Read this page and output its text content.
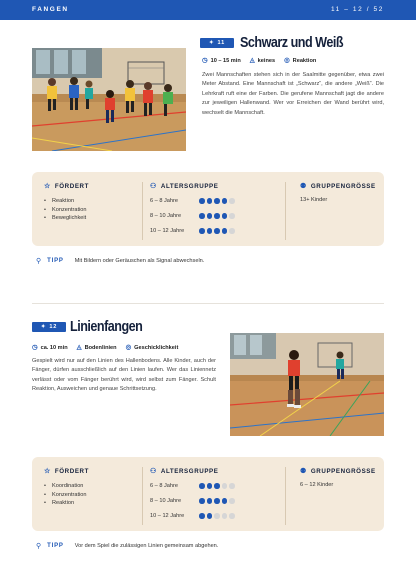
FANGEN	11 – 12 / 52
✦ 11 Schwarz und Weiß
◷ 10 – 15 min ◬ keines ◎ Reaktion
Zwei Mannschaften stehen sich in der Saalmitte gegenüber, etwa zwei Meter Abstand. Eine Mannschaft ist „Schwarz“, die andere „Weiß“. Die Lehrkraft ruft eine der Farben. Die gerufene Mannschaft jagt die andere zur jeweiligen Hallenwand. Wer vor Erreichen der Wand berührt wird, wechselt die Mannschaft.
☆ FÖRDERT
• Reaktion
• Konzentration
• Beweglichkeit
⚇ ALTERSGRUPPE
6 – 8 Jahre
8 – 10 Jahre
10 – 12 Jahre
⚉ GRUPPENGRÖSSE
13+ Kinder
⚲ TIPP Mit Bildern oder Geräuschen als Signal abwechseln.
✦ 12 Linienfangen
◷ ca. 10 min ◬ Bodenlinien ◎ Geschicklichkeit
Gespielt wird nur auf den Linien des Hallenbodens. Alle Kinder, auch der Fänger, dürfen ausschließlich auf den Linien laufen. Wer das Liniennetz verlässt oder vom Fänger berührt wird, wird selbst zum Fänger. Schult Reaktion, Ausweichen und genaue Schrittsetzung.
☆ FÖRDERT
• Koordination
• Konzentration
• Reaktion
⚇ ALTERSGRUPPE
6 – 8 Jahre
8 – 10 Jahre
10 – 12 Jahre
⚉ GRUPPENGRÖSSE
6 – 12 Kinder
⚲ TIPP Vor dem Spiel die zulässigen Linien gemeinsam abgehen.
